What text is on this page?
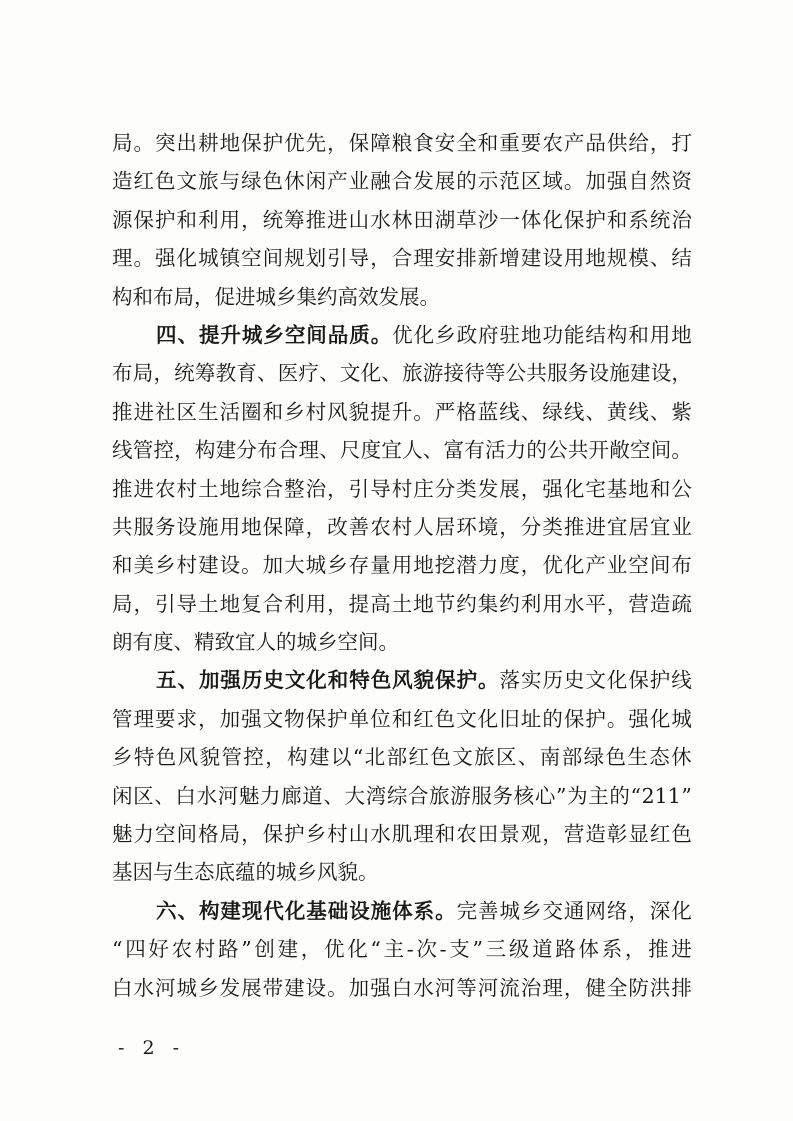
局 。 突 出 耕 地 保 护 优 先 ， 保 障 粮 食 安 全 和 重 要 农 产 品 供 给 ， 打
造 红 色 文 旅 与 绿 色 休 闲 产 业 融 合 发 展 的 示 范 区 域 。 加 强 自 然 资
源 保 护 和 利 用 ， 统 筹 推 进 山 水 林 田 湖 草 沙 一 体 化 保 护 和 系 统 治
理 。 强 化 城 镇 空 间 规 划 引 导 ， 合 理 安 排 新 增 建 设 用 地 规 模 、 结
构 和 布 局 ， 促 进 城 乡 集 约 高 效 发 展 。
四 、 提 升 城 乡 空 间 品 质 。 优 化 乡 政 府 驻 地 功 能 结 构 和 用 地
布 局 ， 统 筹 教 育 、 医 疗 、 文 化 、 旅 游 接 待 等 公 共 服 务 设 施 建 设 ，
推 进 社 区 生 活 圈 和 乡 村 风 貌 提 升 。 严 格 蓝 线 、 绿 线 、 黄 线 、 紫
线 管 控 ， 构 建 分 布 合 理 、 尺 度 宜 人 、 富 有 活 力 的 公 共 开 敞 空 间 。
推 进 农 村 土 地 综 合 整 治 ， 引 导 村 庄 分 类 发 展 ， 强 化 宅 基 地 和 公
共 服 务 设 施 用 地 保 障 ， 改 善 农 村 人 居 环 境 ， 分 类 推 进 宜 居 宜 业
和 美 乡 村 建 设 。 加 大 城 乡 存 量 用 地 挖 潜 力 度 ， 优 化 产 业 空 间 布
局 ， 引 导 土 地 复 合 利 用 ， 提 高 土 地 节 约 集 约 利 用 水 平 ， 营 造 疏
朗 有 度 、 精 致 宜 人 的 城 乡 空 间 。
五 、 加 强 历 史 文 化 和 特 色 风 貌 保 护 。 落 实 历 史 文 化 保 护 线
管 理 要 求 ， 加 强 文 物 保 护 单 位 和 红 色 文 化 旧 址 的 保 护 。 强 化 城
乡 特 色 风 貌 管 控 ， 构 建 以 “ 北 部 红 色 文 旅 区 、 南 部 绿 色 生 态 休
闲 区 、 白 水 河 魅 力 廊 道 、 大 湾 综 合 旅 游 服 务 核 心 ” 为 主 的 “ 211 ”
魅 力 空 间 格 局 ， 保 护 乡 村 山 水 肌 理 和 农 田 景 观 ， 营 造 彰 显 红 色
基 因 与 生 态 底 蕴 的 城 乡 风 貌 。
六 、 构 建 现 代 化 基 础 设 施 体 系 。 完 善 城 乡 交 通 网 络 ， 深 化
“ 四 好 农 村 路 ” 创 建 ， 优 化 “ 主 - 次 - 支 ” 三 级 道 路 体 系 ， 推 进
白 水 河 城 乡 发 展 带 建 设 。 加 强 白 水 河 等 河 流 治 理 ， 健 全 防 洪 排
- 2 -
